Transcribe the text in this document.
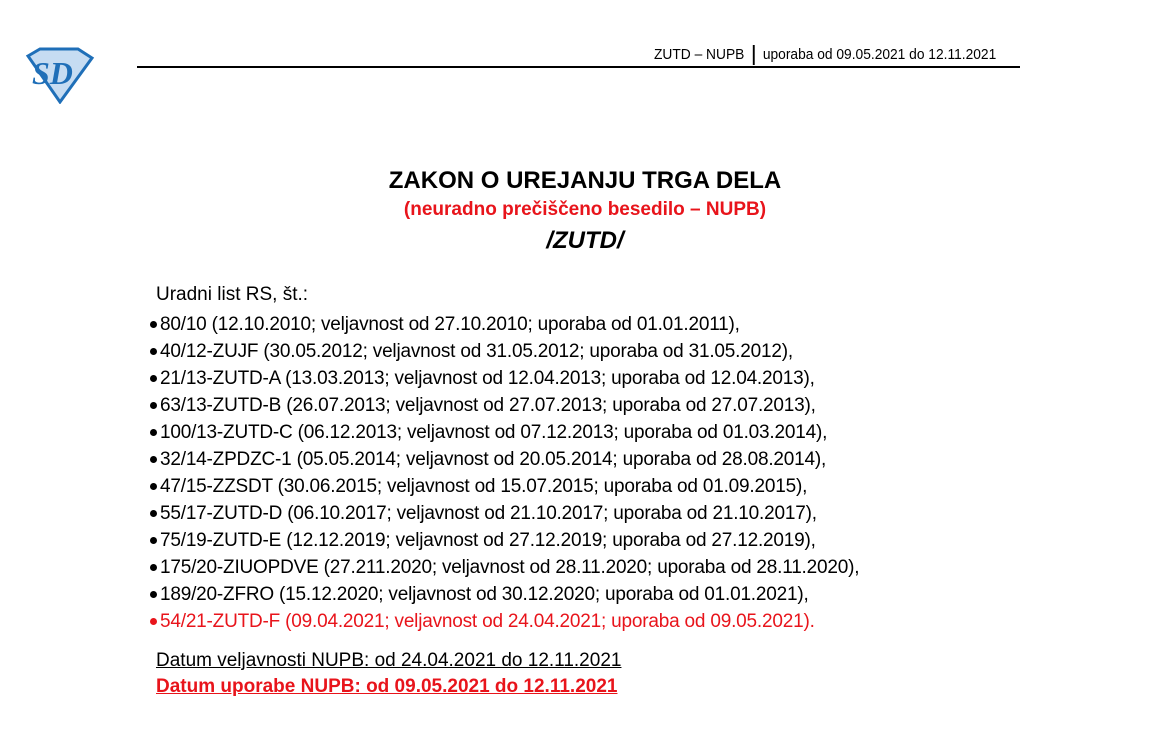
SD	ZUTD – NUPB uporaba od 09.05.2021 do 12.11.2021
ZAKON O UREJANJU TRGA DELA
(neuradno prečiščeno besedilo – NUPB)
/ZUTD/
Uradni list RS, št.:
80/10 (12.10.2010; veljavnost od 27.10.2010; uporaba od 01.01.2011),
40/12-ZUJF (30.05.2012; veljavnost od 31.05.2012; uporaba od 31.05.2012),
21/13-ZUTD-A (13.03.2013; veljavnost od 12.04.2013; uporaba od 12.04.2013),
63/13-ZUTD-B (26.07.2013; veljavnost od 27.07.2013; uporaba od 27.07.2013),
100/13-ZUTD-C (06.12.2013; veljavnost od 07.12.2013; uporaba od 01.03.2014),
32/14-ZPDZC-1 (05.05.2014; veljavnost od 20.05.2014; uporaba od 28.08.2014),
47/15-ZZSDT (30.06.2015; veljavnost od 15.07.2015; uporaba od 01.09.2015),
55/17-ZUTD-D (06.10.2017; veljavnost od 21.10.2017; uporaba od 21.10.2017),
75/19-ZUTD-E (12.12.2019; veljavnost od 27.12.2019; uporaba od 27.12.2019),
175/20-ZIUOPDVE (27.211.2020; veljavnost od 28.11.2020; uporaba od 28.11.2020),
189/20-ZFRO (15.12.2020; veljavnost od 30.12.2020; uporaba od 01.01.2021),
54/21-ZUTD-F (09.04.2021; veljavnost od 24.04.2021; uporaba od 09.05.2021).
Datum veljavnosti NUPB: od 24.04.2021 do 12.11.2021
Datum uporabe NUPB: od 09.05.2021 do 12.11.2021
